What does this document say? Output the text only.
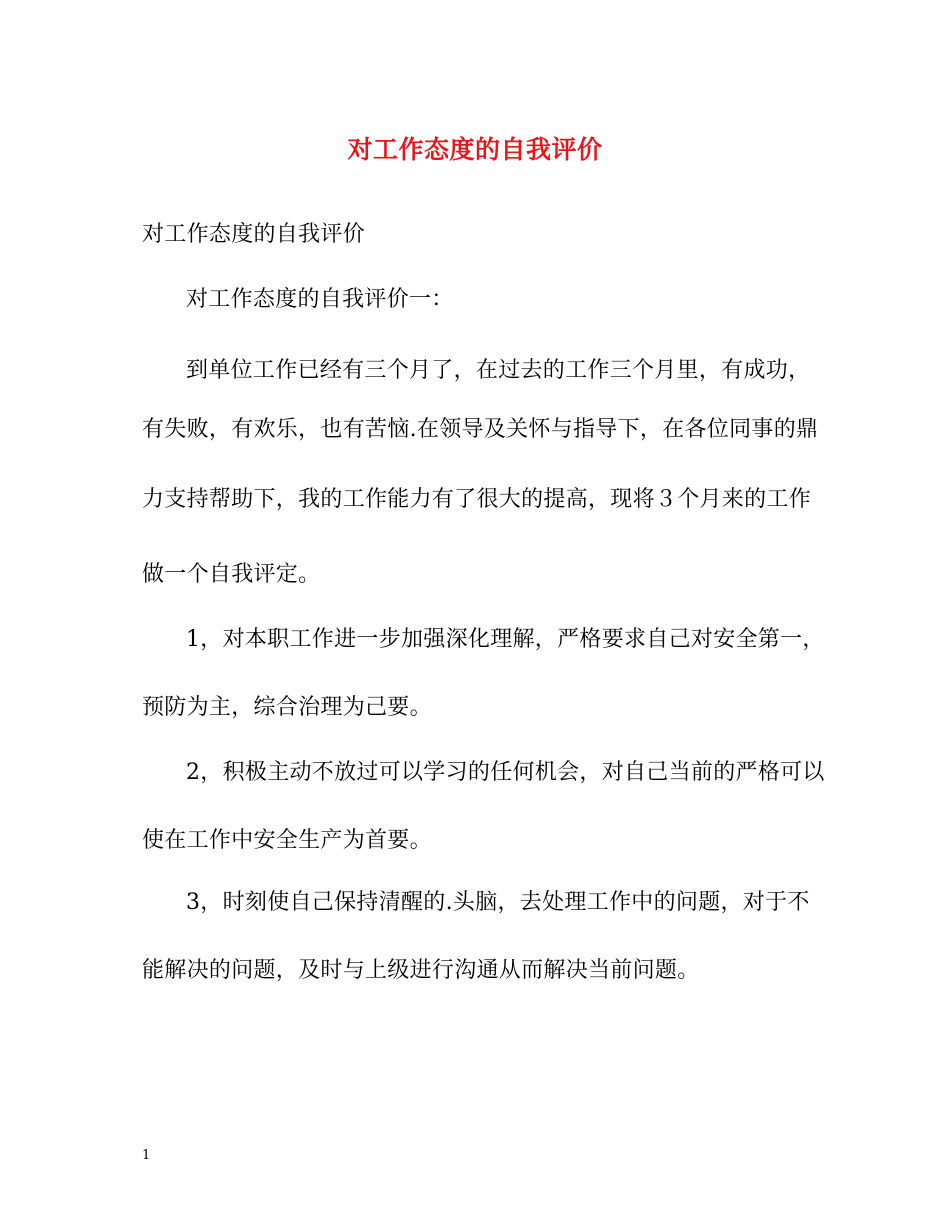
对工作态度的自我评价
对工作态度的自我评价
对工作态度的自我评价一：
到单位工作已经有三个月了，在过去的工作三个月里，有成功，
有失败，有欢乐，也有苦恼.在领导及关怀与指导下，在各位同事的鼎
力支持帮助下，我的工作能力有了很大的提高，现将３个月来的工作
做一个自我评定。
1，对本职工作进一步加强深化理解，严格要求自己对安全第一，
预防为主，综合治理为己要。
2，积极主动不放过可以学习的任何机会，对自己当前的严格可以
使在工作中安全生产为首要。
3，时刻使自己保持清醒的.头脑，去处理工作中的问题，对于不
能解决的问题，及时与上级进行沟通从而解决当前问题。
1
